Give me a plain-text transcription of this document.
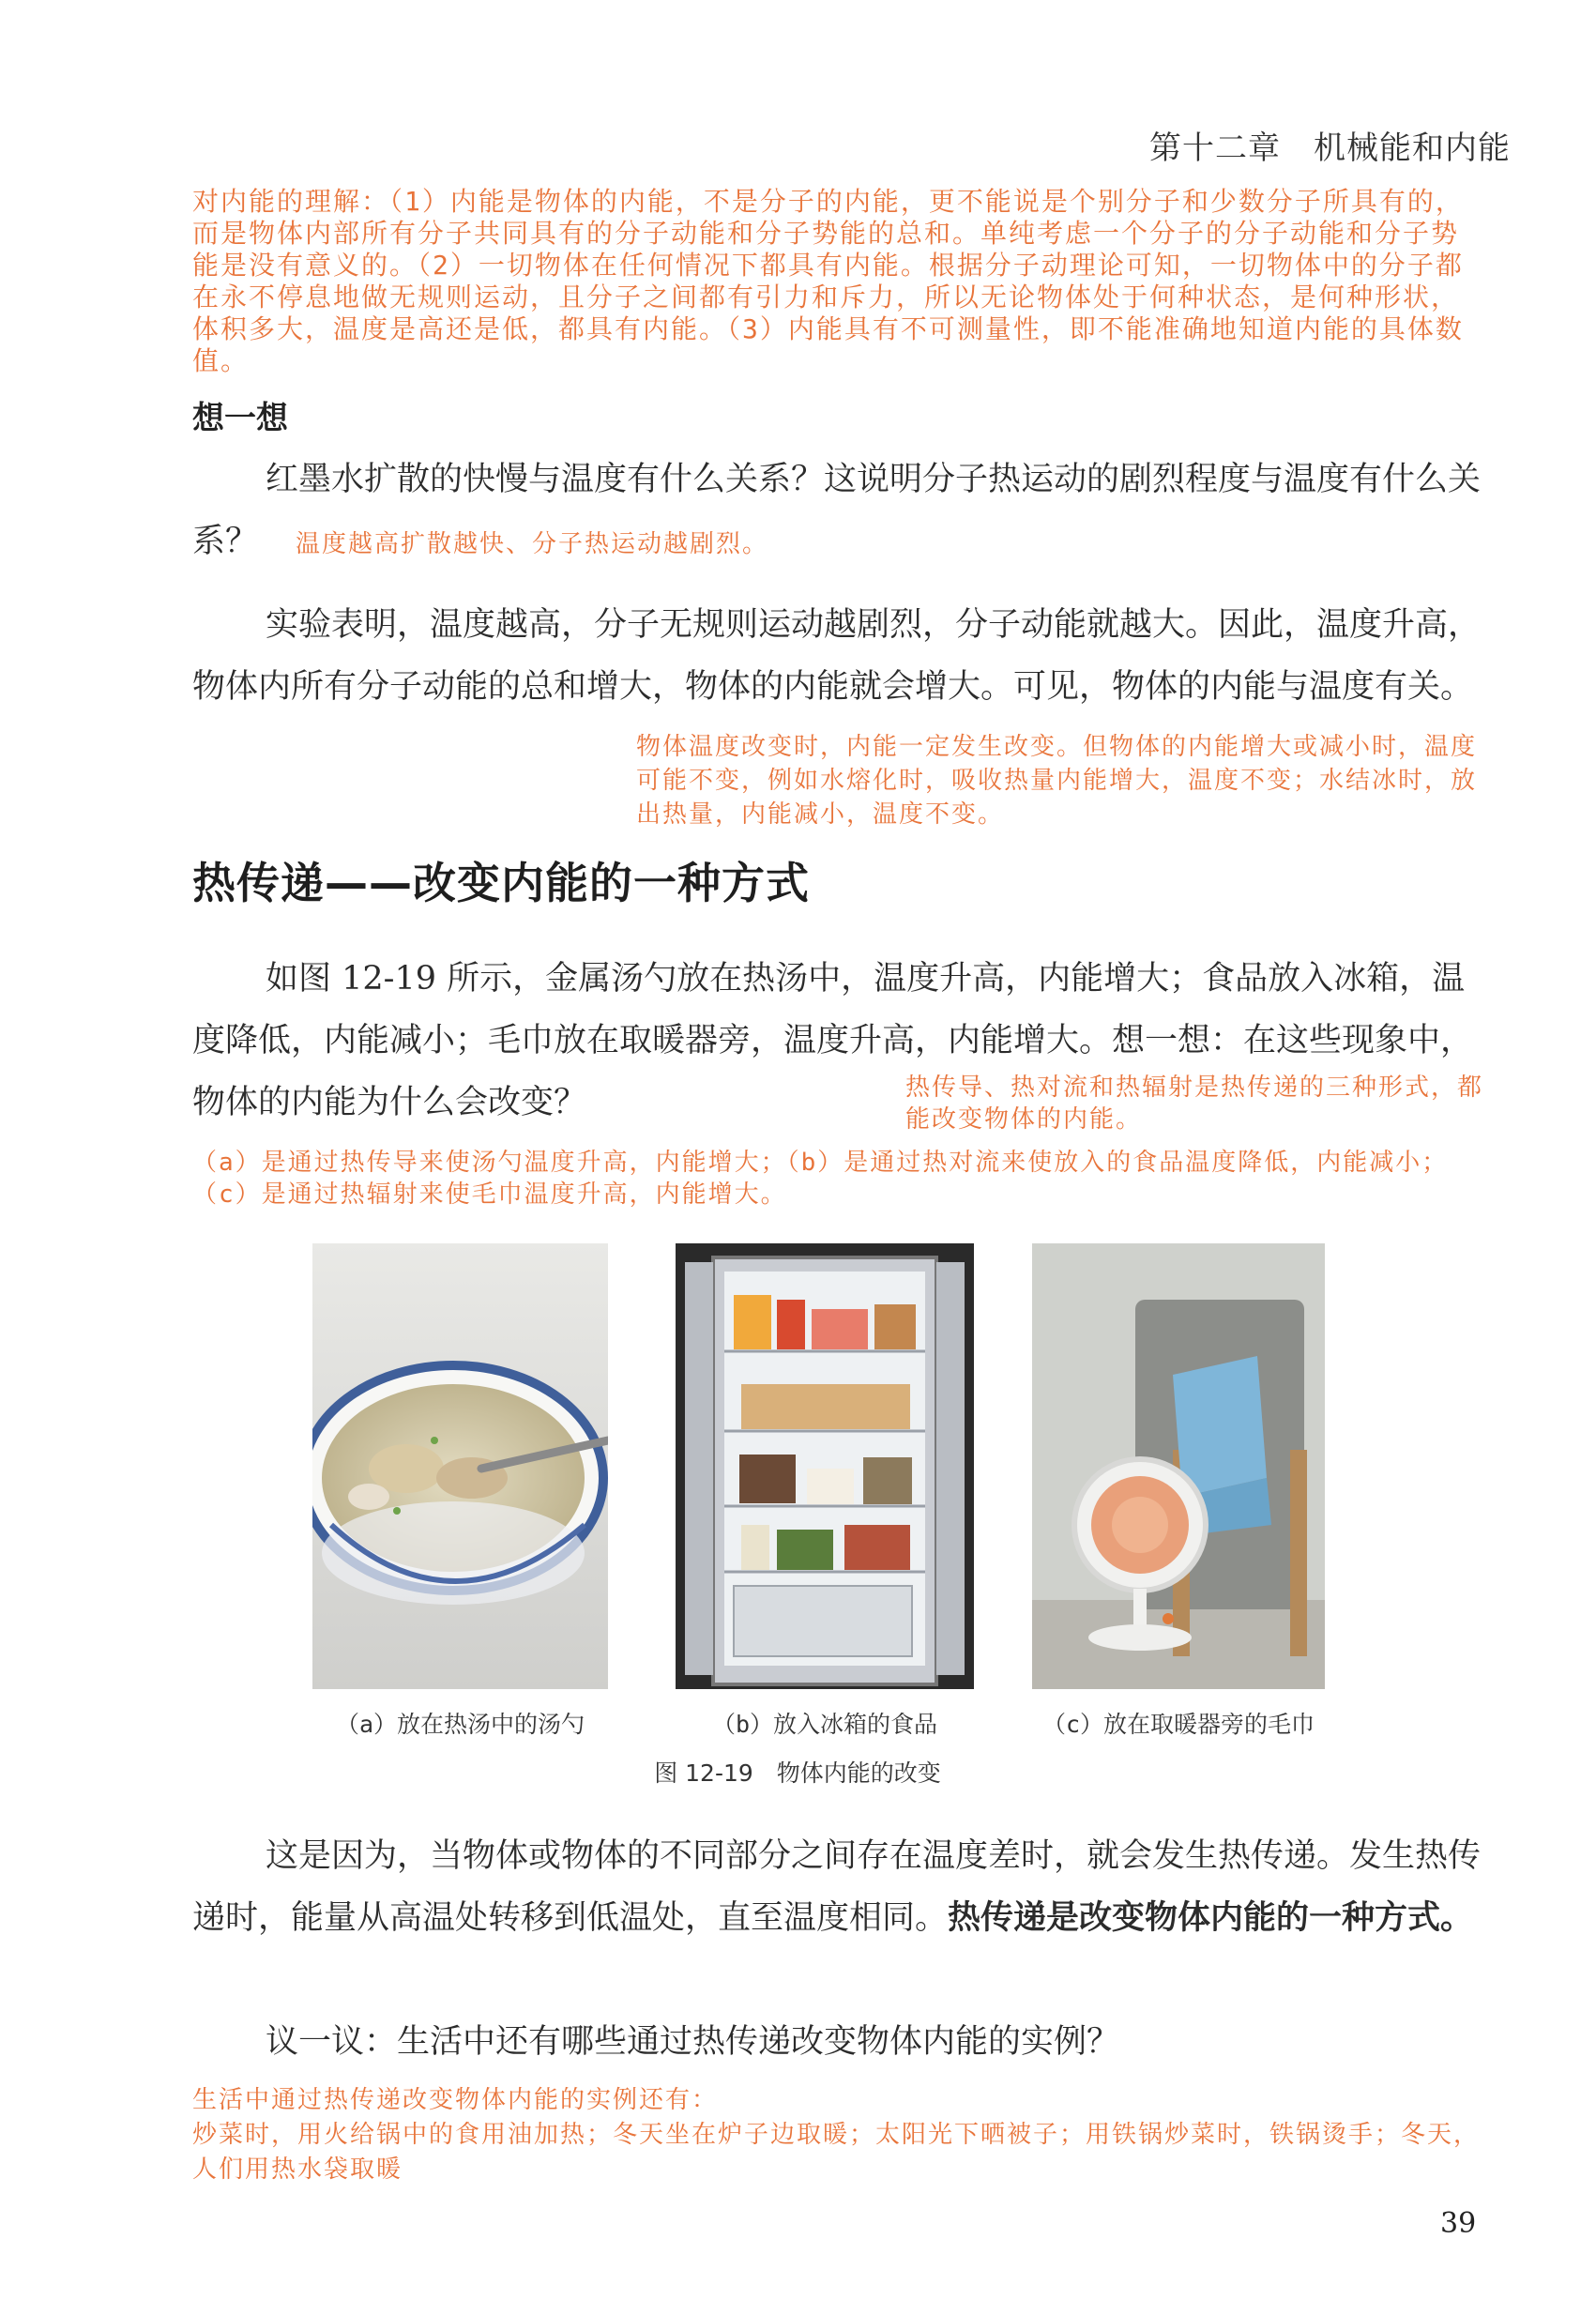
第十二章　机械能和内能
对内能的理解：（1）内能是物体的内能，不是分子的内能，更不能说是个别分子和少数分子所具有的，而是物体内部所有分子共同具有的分子动能和分子势能的总和。单纯考虑一个分子的分子动能和分子势能是没有意义的。（2）一切物体在任何情况下都具有内能。根据分子动理论可知，一切物体中的分子都在永不停息地做无规则运动，且分子之间都有引力和斥力，所以无论物体处于何种状态，是何种形状，体积多大，温度是高还是低，都具有内能。（3）内能具有不可测量性，即不能准确地知道内能的具体数值。
想一想
红墨水扩散的快慢与温度有什么关系？这说明分子热运动的剧烈程度与温度有什么关系？ 温度越高扩散越快、分子热运动越剧烈。
实验表明，温度越高，分子无规则运动越剧烈，分子动能就越大。因此，温度升高，物体内所有分子动能的总和增大，物体的内能就会增大。可见，物体的内能与温度有关。
物体温度改变时，内能一定发生改变。但物体的内能增大或减小时，温度可能不变，例如水熔化时，吸收热量内能增大，温度不变；水结冰时，放出热量，内能减小，温度不变。
热传递——改变内能的一种方式
如图 12-19 所示，金属汤勺放在热汤中，温度升高，内能增大；食品放入冰箱，温度降低，内能减小；毛巾放在取暖器旁，温度升高，内能增大。想一想：在这些现象中，物体的内能为什么会改变？	热传导、热对流和热辐射是热传递的三种形式，都能改变物体的内能。
（a）是通过热传导来使汤勺温度升高，内能增大；（b）是通过热对流来使放入的食品温度降低，内能减小；（c）是通过热辐射来使毛巾温度升高，内能增大。
（a）放在热汤中的汤勺	（b）放入冰箱的食品	（c）放在取暖器旁的毛巾
图 12-19　物体内能的改变
这是因为，当物体或物体的不同部分之间存在温度差时，就会发生热传递。发生热传递时，能量从高温处转移到低温处，直至温度相同。热传递是改变物体内能的一种方式。
议一议：生活中还有哪些通过热传递改变物体内能的实例？
生活中通过热传递改变物体内能的实例还有：
炒菜时，用火给锅中的食用油加热；冬天坐在炉子边取暖；太阳光下晒被子；用铁锅炒菜时，铁锅烫手；冬天，人们用热水袋取暖
39
